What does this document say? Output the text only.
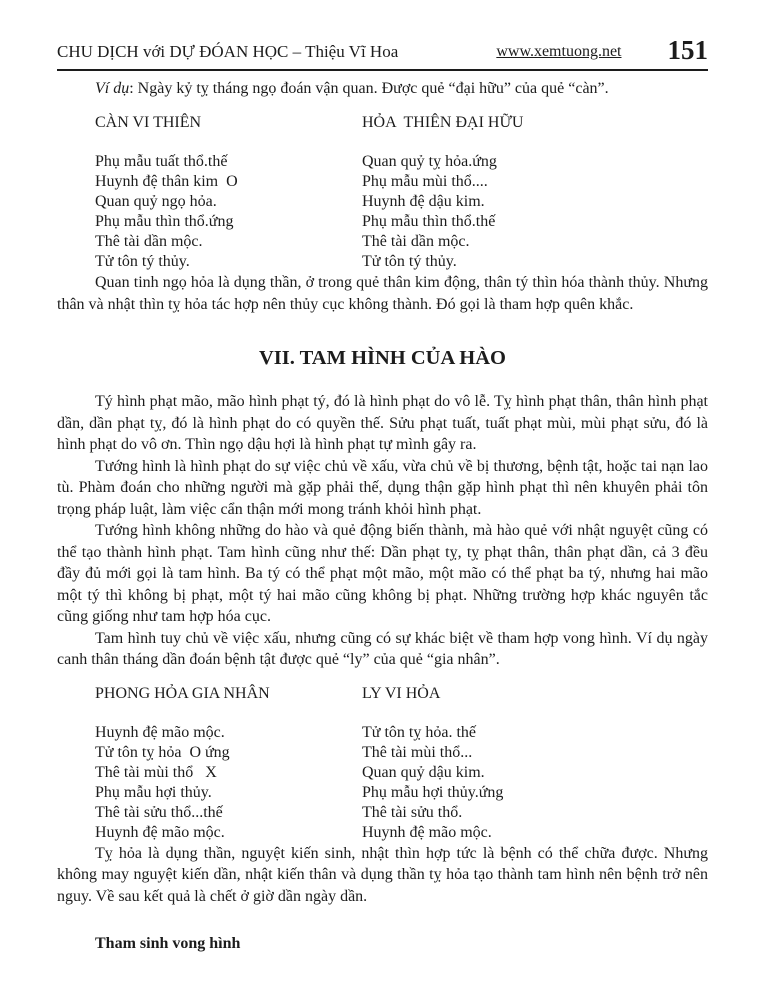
CHU DỊCH với DỰ ĐÓAN HỌC – Thiệu Vĩ Hoa	www.xemtuong.net 151

Ví dụ: Ngày kỷ tỵ tháng ngọ đoán vận quan. Được quẻ “đại hữu” của quẻ “càn”.

CÀN VI THIÊN
Phụ mẫu tuất thổ.thế
Huynh đệ thân kim  O
Quan quỷ ngọ hỏa.
Phụ mẫu thìn thổ.ứng
Thê tài dần mộc.
Tử tôn tý thủy.
HỎA  THIÊN ĐẠI HỮU
Quan quỷ tỵ hỏa.ứng
Phụ mẫu mùi thổ....
Huynh đệ dậu kim.
Phụ mẫu thìn thổ.thế
Thê tài dần mộc.
Tử tôn tý thủy.

Quan tinh ngọ hỏa là dụng thần, ở trong quẻ thân kim động, thân tý thìn hóa thành thủy. Nhưng thân và nhật thìn tỵ hỏa tác hợp nên thủy cục không thành. Đó gọi là tham hợp quên khắc.

VII. TAM HÌNH CỦA HÀO

Tý hình phạt mão, mão hình phạt tý, đó là hình phạt do vô lễ. Tỵ hình phạt thân, thân hình phạt dần, dần phạt tỵ, đó là hình phạt do có quyền thế. Sửu phạt tuất, tuất phạt mùi, mùi phạt sửu, đó là hình phạt do vô ơn. Thìn ngọ dậu hợi là hình phạt tự mình gây ra.

Tướng hình là hình phạt do sự việc chủ về xấu, vừa chủ về bị thương, bệnh tật, hoặc tai nạn lao tù. Phàm đoán cho những người mà gặp phải thế, dụng thận gặp hình phạt thì nên khuyên phải tôn trọng pháp luật, làm việc cẩn thận mới mong tránh khỏi hình phạt.

Tướng hình không những do hào và quẻ động biến thành, mà hào quẻ với nhật nguyệt cũng có thể tạo thành hình phạt. Tam hình cũng như thế: Dần phạt tỵ, tỵ phạt thân, thân phạt dần, cả 3 đều đầy đủ mới gọi là tam hình. Ba tý có thể phạt một mão, một mão có thể phạt ba tý, nhưng hai mão một tý thì không bị phạt, một tý hai mão cũng không bị phạt. Những trường hợp khác nguyên tắc cũng giống như tam hợp hóa cục.

Tam hình tuy chủ về việc xấu, nhưng cũng có sự khác biệt về tham hợp vong hình. Ví dụ ngày canh thân tháng dần đoán bệnh tật được quẻ “ly” của quẻ “gia nhân”.

PHONG HỎA GIA NHÂN
Huynh đệ mão mộc.
Tử tôn tỵ hỏa  O ứng
Thê tài mùi thổ   X
Phụ mẫu hợi thủy.
Thê tài sửu thổ...thế
Huynh đệ mão mộc.
LY VI HỎA
Tử tôn tỵ hỏa. thế
Thê tài mùi thổ...
Quan quỷ dậu kim.
Phụ mẫu hợi thủy.ứng
Thê tài sửu thổ.
Huynh đệ mão mộc.

Tỵ hỏa là dụng thần, nguyệt kiến sinh, nhật thìn hợp tức là bệnh có thể chữa được. Nhưng không may nguyệt kiến dần, nhật kiến thân và dụng thần tỵ hỏa tạo thành tam hình nên bệnh trở nên nguy. Về sau kết quả là chết ở giờ dần ngày dần.

Tham sinh vong hình
